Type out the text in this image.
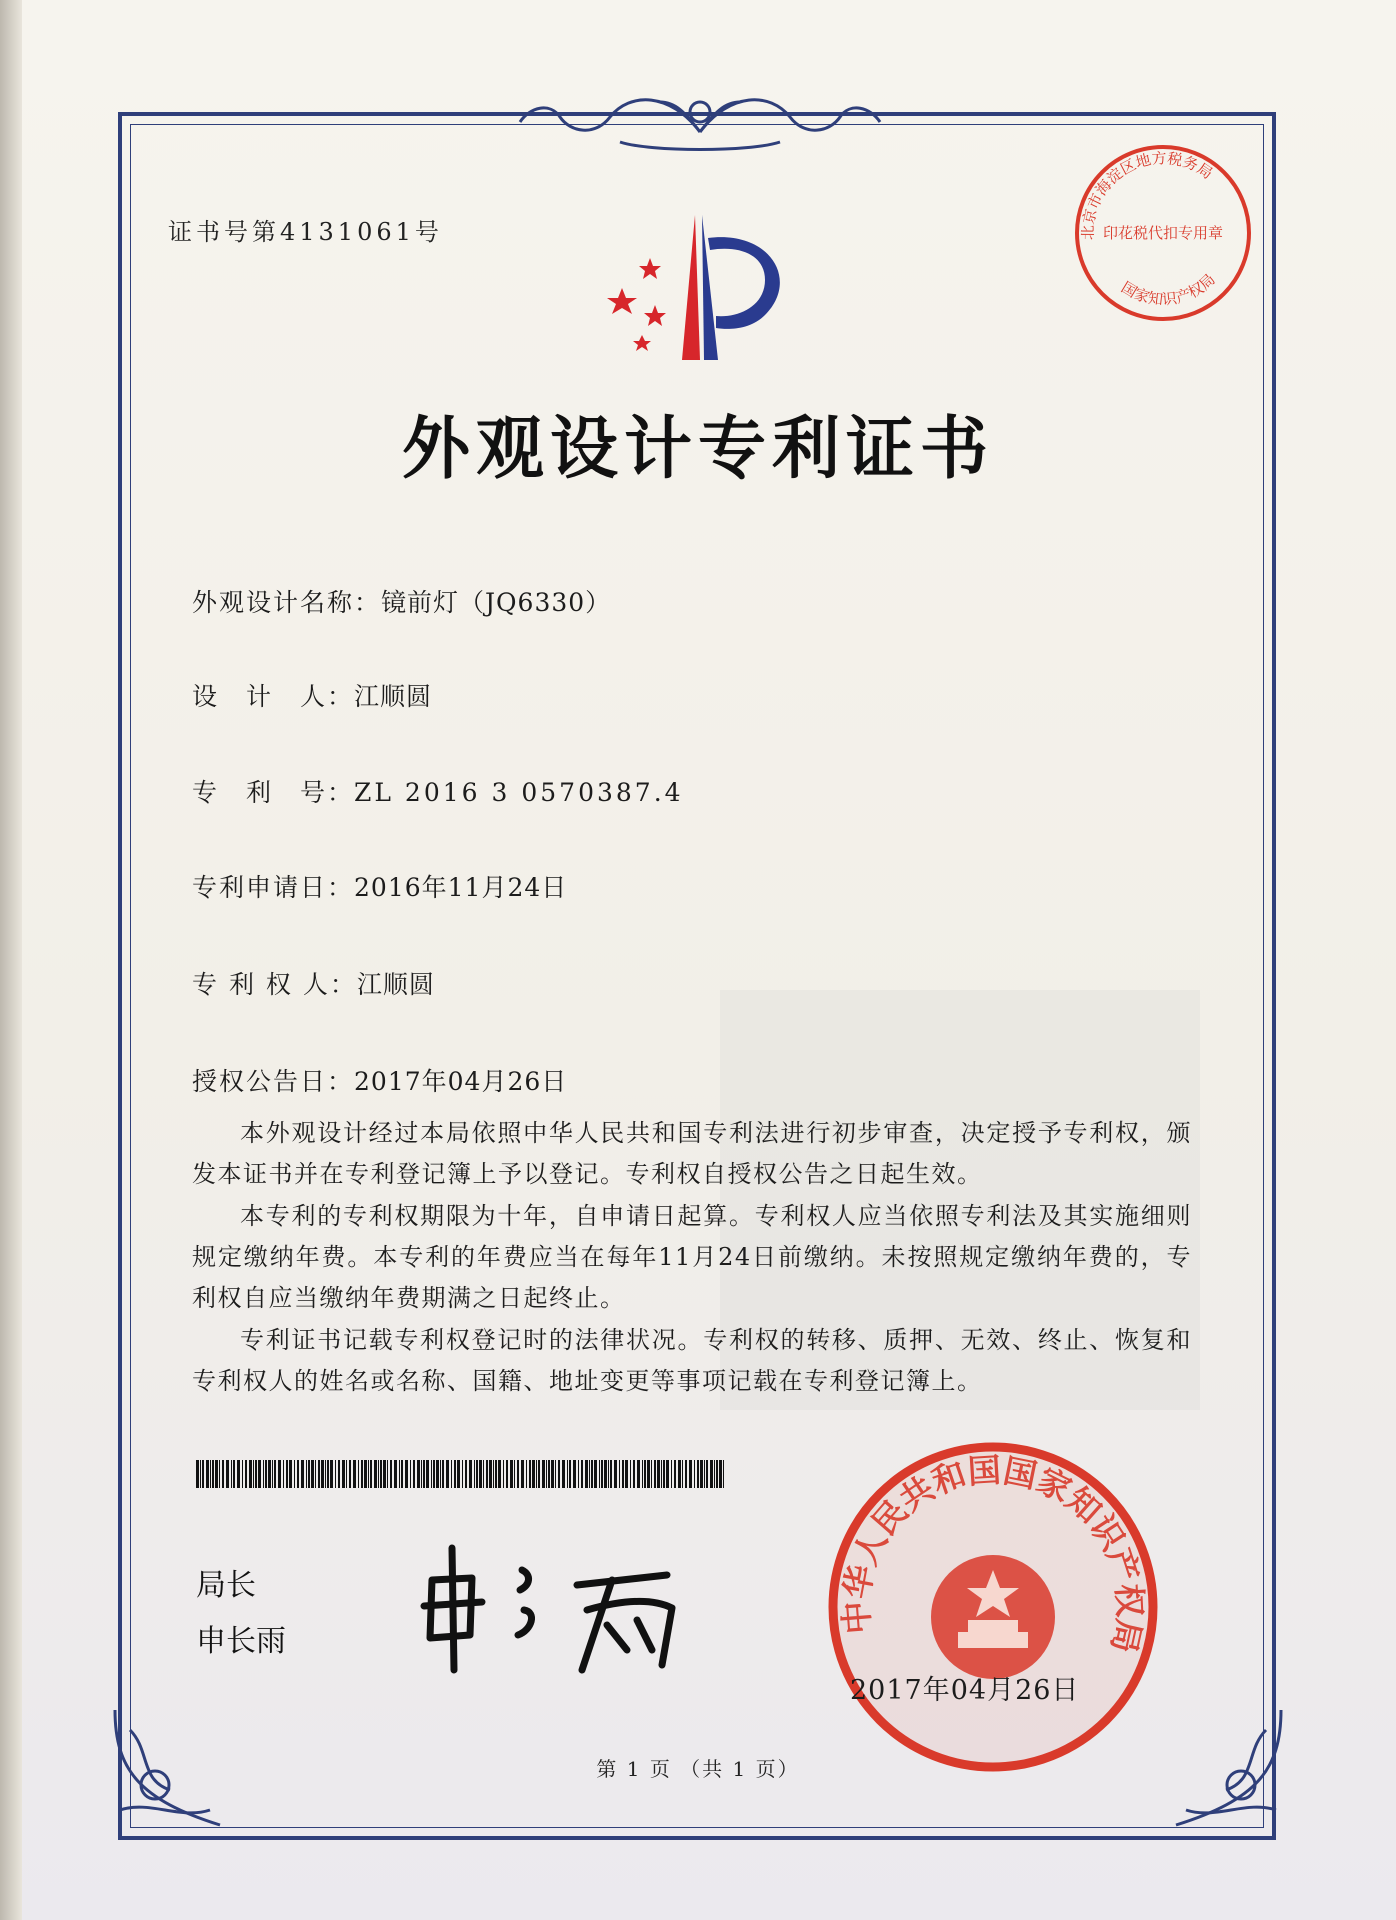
证书号第4131061号
外观设计专利证书
外观设计名称：镜前灯（JQ6330）
设　计　人：江顺圆
专　利　号：ZL 2016 3 0570387.4
专利申请日：2016年11月24日
专 利 权 人：江顺圆
授权公告日：2017年04月26日

本外观设计经过本局依照中华人民共和国专利法进行初步审查，决定授予专利权，颁发本证书并在专利登记簿上予以登记。专利权自授权公告之日起生效。

本专利的专利权期限为十年，自申请日起算。专利权人应当依照专利法及其实施细则规定缴纳年费。本专利的年费应当在每年11月24日前缴纳。未按照规定缴纳年费的，专利权自应当缴纳年费期满之日起终止。

专利证书记载专利权登记时的法律状况。专利权的转移、质押、无效、终止、恢复和专利权人的姓名或名称、国籍、地址变更等事项记载在专利登记簿上。

局长
申长雨
中华人民共和国国家知识产权局
北京市海淀区地方税务局
印花税代扣专用章
国家知识产权局
2017年04月26日
第 1 页 （共 1 页）
